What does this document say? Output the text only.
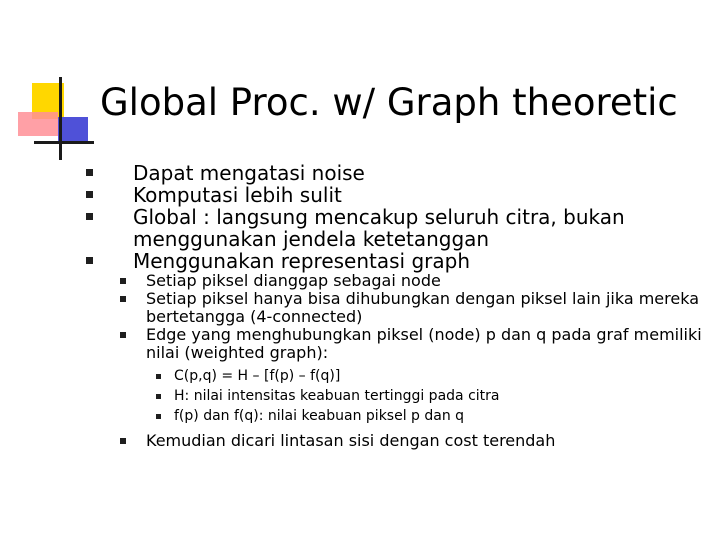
Global Proc. w/ Graph theoretic
Dapat mengatasi noise
Komputasi lebih sulit
Global : langsung mencakup seluruh citra, bukan menggunakan jendela ketetanggan
Menggunakan representasi graph
Setiap piksel dianggap sebagai node
Setiap piksel hanya bisa dihubungkan dengan piksel lain jika mereka bertetangga (4-connected)
Edge yang menghubungkan piksel (node) p dan q pada graf memiliki nilai (weighted graph):
C(p,q) = H – [f(p) – f(q)]
H: nilai intensitas keabuan tertinggi pada citra
f(p) dan f(q): nilai keabuan piksel p dan q
Kemudian dicari lintasan sisi dengan cost terendah
